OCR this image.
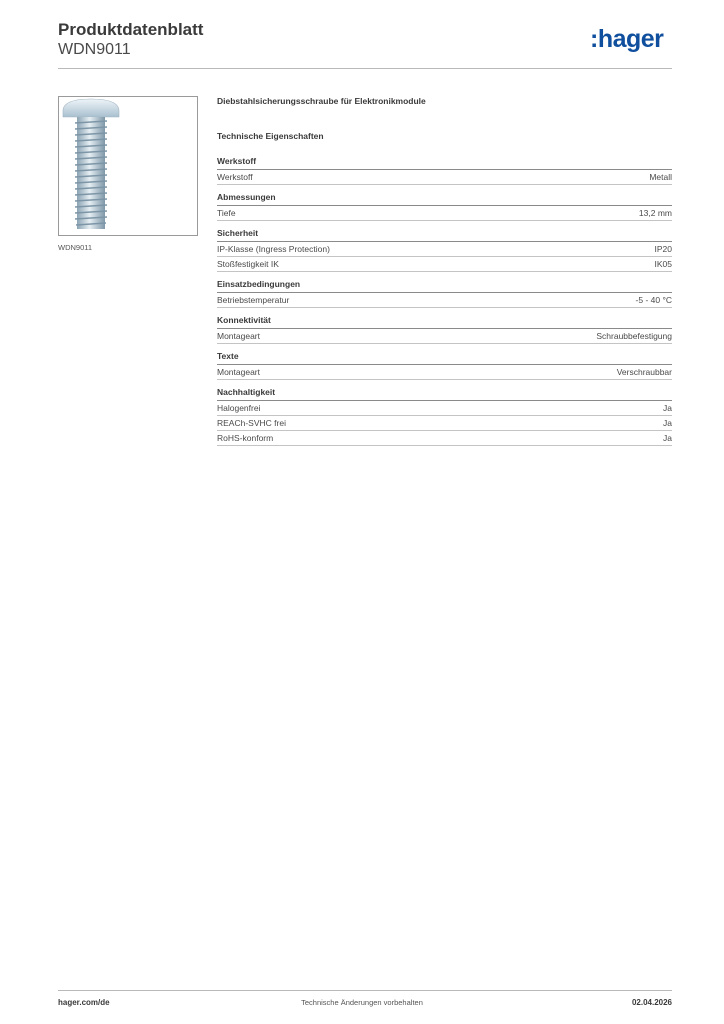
Produktdatenblatt
WDN9011	:hager
WDN9011
Diebstahlsicherungsschraube für Elektronikmodule
Technische Eigenschaften
Werkstoff
Werkstoff	Metall
Abmessungen
Tiefe	13,2 mm
Sicherheit
IP-Klasse (Ingress Protection)	IP20
Stoßfestigkeit IK	IK05
Einsatzbedingungen
Betriebstemperatur	-5 - 40 °C
Konnektivität
Montageart	Schraubbefestigung
Texte
Montageart	Verschraubbar
Nachhaltigkeit
Halogenfrei	Ja
REACh-SVHC frei	Ja
RoHS-konform	Ja
hager.com/de	Technische Änderungen vorbehalten	02.04.2026
